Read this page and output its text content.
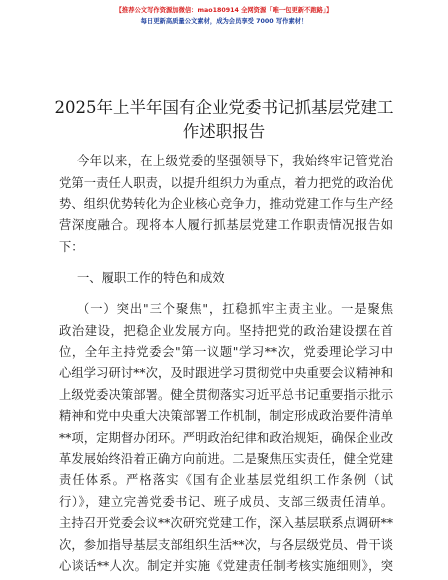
【推荐公文写作资源加微信：mao180914 全网资源「唯一包更新不跑路」】
每日更新高质量公文素材，成为会员享受 7000 写作素材！
2025年上半年国有企业党委书记抓基层党建工
作述职报告
今年以来，在上级党委的坚强领导下，我始终牢记管党治
党第一责任人职责，以提升组织力为重点，着力把党的政治优
势、组织优势转化为企业核心竞争力，推动党建工作与生产经
营深度融合。现将本人履行抓基层党建工作职责情况报告如
下：
一、履职工作的特色和成效
（一）突出"三个聚焦"，扛稳抓牢主责主业。一是聚焦
政治建设，把稳企业发展方向。坚持把党的政治建设摆在首
位，全年主持党委会"第一议题"学习**次，党委理论学习中
心组学习研讨**次，及时跟进学习贯彻党中央重要会议精神和
上级党委决策部署。健全贯彻落实习近平总书记重要指示批示
精神和党中央重大决策部署工作机制，制定形成政治要件清单
**项，定期督办闭环。严明政治纪律和政治规矩，确保企业改
革发展始终沿着正确方向前进。二是聚焦压实责任，健全党建
责任体系。严格落实《国有企业基层党组织工作条例（试
行）》，建立完善党委书记、班子成员、支部三级责任清单。
主持召开党委会议**次研究党建工作，深入基层联系点调研**
次，参加指导基层支部组织生活**次，与各层级党员、骨干谈
心谈话**人次。制定并实施《党建责任制考核实施细则》，突
